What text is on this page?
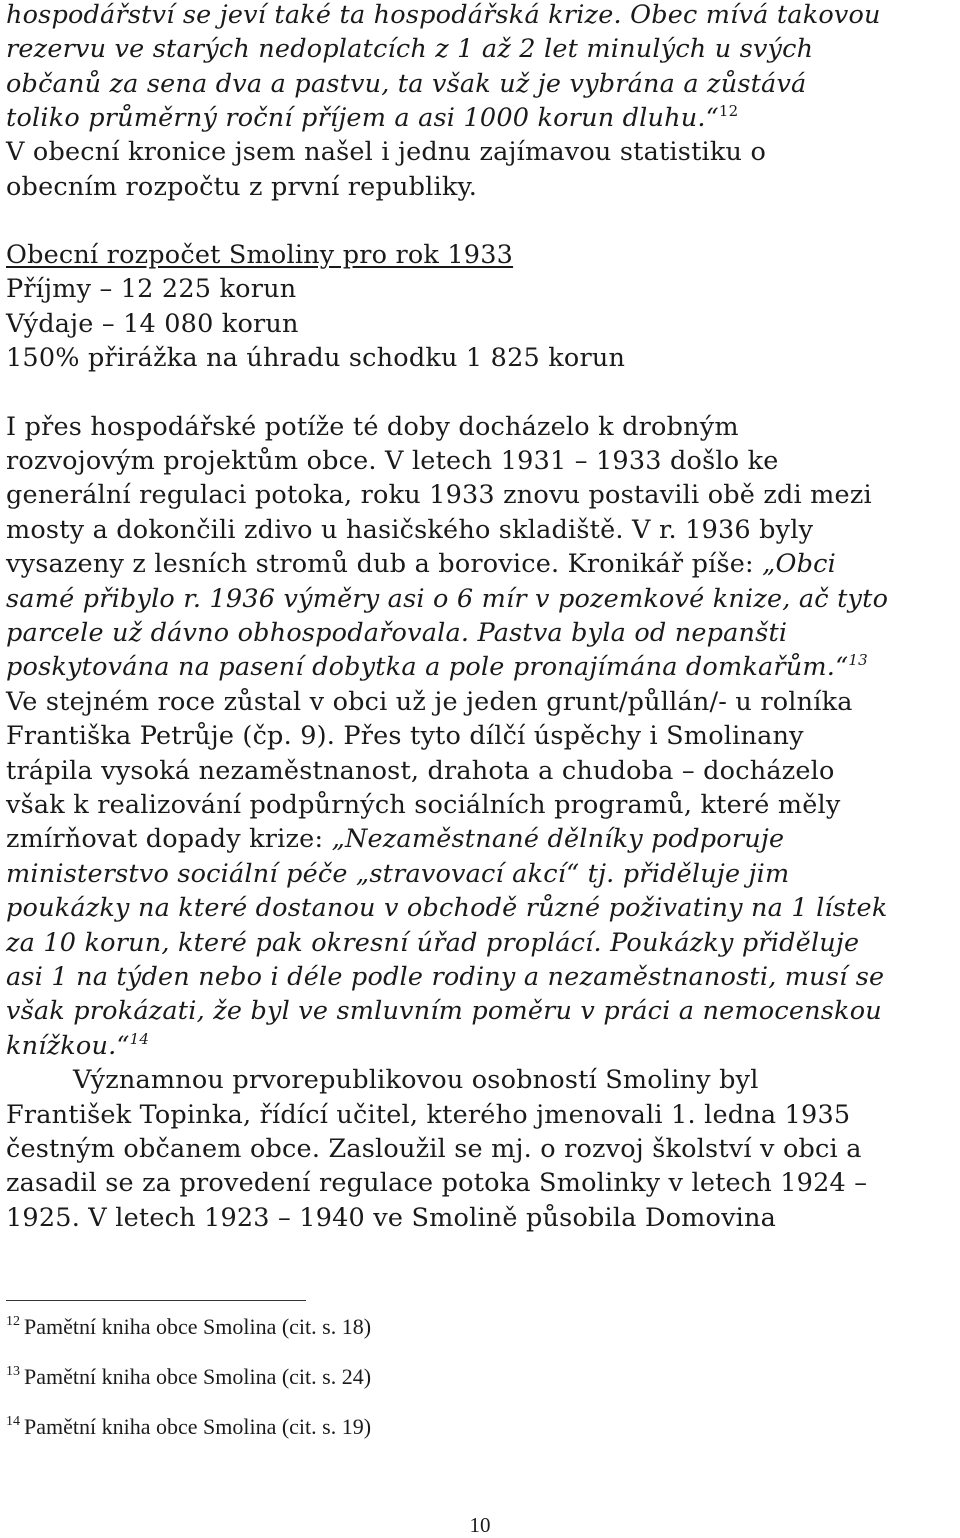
hospodářství se jeví také ta hospodářská krize. Obec mívá takovou
rezervu ve starých nedoplatcích z 1 až 2 let minulých u svých
občanů za sena dva a pastvu, ta však už je vybrána a zůstává
toliko průměrný roční příjem a asi 1000 korun dluhu.“$^{12}$
V obecní kronice jsem našel i jednu zajímavou statistiku o
obecním rozpočtu z první republiky.
Obecní rozpočet Smoliny pro rok 1933
Příjmy – 12 225 korun
Výdaje – 14 080 korun
150% přirážka na úhradu schodku 1 825 korun
I přes hospodářské potíže té doby docházelo k drobným
rozvojovým projektům obce. V letech 1931 – 1933 došlo ke
generální regulaci potoka, roku 1933 znovu postavili obě zdi mezi
mosty a dokončili zdivo u hasičského skladiště. V r. 1936 byly
vysazeny z lesních stromů dub a borovice. Kronikář píše: „Obci
samé přibylo r. 1936 výměry asi o 6 mír v pozemkové knize, ač tyto
parcele už dávno obhospodařovala. Pastva byla od nepanšti
poskytována na pasení dobytka a pole pronajímána domkařům.“$^{13}$
Ve stejném roce zůstal v obci už je jeden grunt/půllán/- u rolníka
Františka Petrůje (čp. 9). Přes tyto dílčí úspěchy i Smolinany
trápila vysoká nezaměstnanost, drahota a chudoba – docházelo
však k realizování podpůrných sociálních programů, které měly
zmírňovat dopady krize: „Nezaměstnané dělníky podporuje
ministerstvo sociální péče „stravovací akcí“ tj. přiděluje jim
poukázky na které dostanou v obchodě různé poživatiny na 1 lístek
za 10 korun, které pak okresní úřad proplácí. Poukázky přiděluje
asi 1 na týden nebo i déle podle rodiny a nezaměstnanosti, musí se
však prokázati, že byl ve smluvním poměru v práci a nemocenskou
knížkou.“$^{14}$
Významnou prvorepublikovou osobností Smoliny byl
František Topinka, řídící učitel, kterého jmenovali 1. ledna 1935
čestným občanem obce. Zasloužil se mj. o rozvoj školství v obci a
zasadil se za provedení regulace potoka Smolinky v letech 1924 –
1925. V letech 1923 – 1940 ve Smolině působila Domovina
$^{12}$ Pamětní kniha obce Smolina (cit. s. 18)
$^{13}$ Pamětní kniha obce Smolina (cit. s. 24)
$^{14}$ Pamětní kniha obce Smolina (cit. s. 19)
10
